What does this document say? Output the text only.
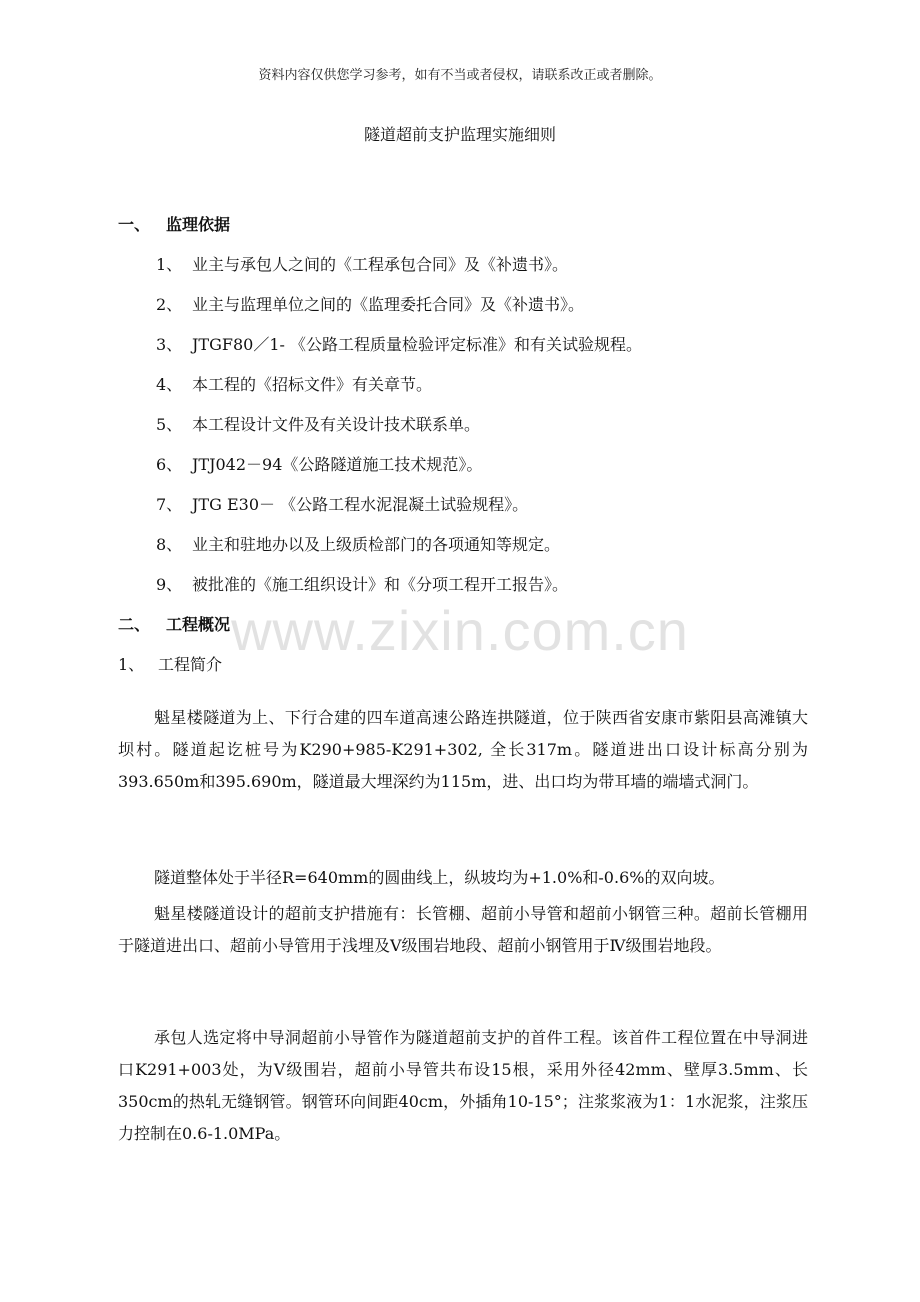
资料内容仅供您学习参考，如有不当或者侵权，请联系改正或者删除。
隧道超前支护监理实施细则
一、 监理依据
1、 业主与承包人之间的《工程承包合同》及《补遗书》。
2、 业主与监理单位之间的《监理委托合同》及《补遗书》。
3、 JTGF80／1- 《公路工程质量检验评定标准》和有关试验规程。
4、 本工程的《招标文件》有关章节。
5、 本工程设计文件及有关设计技术联系单。
6、 JTJ042－94《公路隧道施工技术规范》。
7、 JTG E30－ 《公路工程水泥混凝土试验规程》。
8、 业主和驻地办以及上级质检部门的各项通知等规定。
9、 被批准的《施工组织设计》和《分项工程开工报告》。
二、 工程概况
1、 工程简介

魁星楼隧道为上、下行合建的四车道高速公路连拱隧道，位于陕西省安康市紫阳县高滩镇大坝村。隧道起讫桩号为K290+985-K291+302, 全长317m。隧道进出口设计标高分别为393.650m和395.690m，隧道最大埋深约为115m，进、出口均为带耳墙的端墙式洞门。

隧道整体处于半径R=640mm的圆曲线上，纵坡均为+1.0%和-0.6%的双向坡。

魁星楼隧道设计的超前支护措施有：长管棚、超前小导管和超前小钢管三种。超前长管棚用于隧道进出口、超前小导管用于浅埋及Ⅴ级围岩地段、超前小钢管用于Ⅳ级围岩地段。

承包人选定将中导洞超前小导管作为隧道超前支护的首件工程。该首件工程位置在中导洞进口K291+003处，为Ⅴ级围岩，超前小导管共布设15根，采用外径42mm、壁厚3.5mm、长350cm的热轧无缝钢管。钢管环向间距40cm，外插角10-15°；注浆浆液为1：1水泥浆，注浆压力控制在0.6-1.0MPa。

www.zixin.com.cn
